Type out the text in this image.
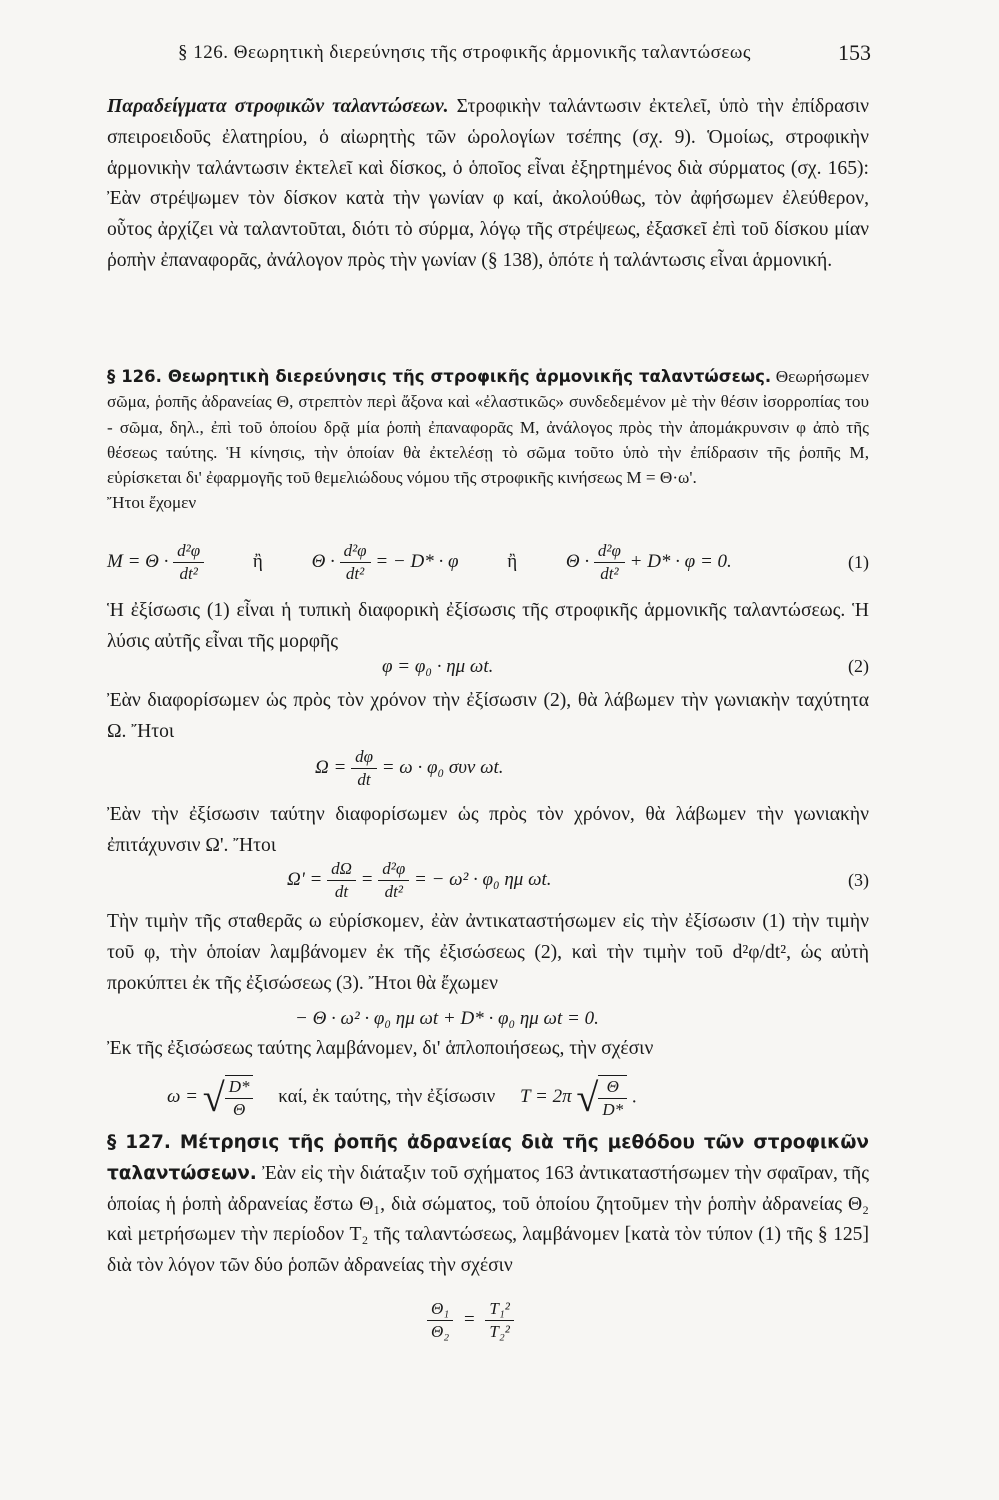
§ 126. Θεωρητικὴ διερεύνησις τῆς στροφικῆς ἁρμονικῆς ταλαντώσεως	153
Παραδείγματα στροφικῶν ταλαντώσεων. Στροφικὴν ταλάντωσιν ἐκτελεῖ, ὑπὸ τὴν ἐπίδρασιν σπειροειδοῦς ἐλατηρίου, ὁ αἰωρητὴς τῶν ὡρολογίων τσέπης (σχ. 9). Ὁμοίως, στροφικὴν ἁρμονικὴν ταλάντωσιν ἐκτελεῖ καὶ δίσκος, ὁ ὁποῖος εἶναι ἐξηρτημένος διὰ σύρματος (σχ. 165): Ἐὰν στρέψωμεν τὸν δίσκον κατὰ τὴν γωνίαν φ καί, ἀκολούθως, τὸν ἀφήσωμεν ἐλεύθερον, οὗτος ἀρχίζει νὰ ταλαντοῦται, διότι τὸ σύρμα, λόγῳ τῆς στρέψεως, ἐξασκεῖ ἐπὶ τοῦ δίσκου μίαν ῥοπὴν ἐπαναφορᾶς, ἀνάλογον πρὸς τὴν γωνίαν (§ 138), ὁπότε ἡ ταλάντωσις εἶναι ἁρμονική.
§ 126. Θεωρητικὴ διερεύνησις τῆς στροφικῆς ἁρμονικῆς ταλαντώσεως. Θεωρήσωμεν σῶμα, ῥοπῆς ἀδρανείας Θ, στρεπτὸν περὶ ἄξονα καὶ «ἐλαστικῶς» συνδεδεμένον μὲ τὴν θέσιν ἰσορροπίας του - σῶμα, δηλ., ἐπὶ τοῦ ὁποίου δρᾷ μία ῥοπὴ ἐπαναφορᾶς M, ἀνάλογος πρὸς τὴν ἀπομάκρυνσιν φ ἀπὸ τῆς θέσεως ταύτης. Ἡ κίνησις, τὴν ὁποίαν θὰ ἐκτελέσῃ τὸ σῶμα τοῦτο ὑπὸ τὴν ἐπίδρασιν τῆς ῥοπῆς M, εὑρίσκεται δι' ἐφαρμογῆς τοῦ θεμελιώδους νόμου τῆς στροφικῆς κινήσεως M = Θ·ω'.
Ἤτοι ἔχομεν
$M = \Theta \cdot \frac{\text{d²φ}}{\text{dt²}}$	ἢ	$\Theta \cdot \frac{\text{d²φ}}{\text{dt²}}$ = − D* · φ	ἢ	$\Theta \cdot \frac{\text{d²φ}}{\text{dt²}} + D* \cdot \varphi = 0$.	(1)
Ἡ ἐξίσωσις (1) εἶναι ἡ τυπικὴ διαφορικὴ ἐξίσωσις τῆς στροφικῆς ἁρμονικῆς ταλαντώσεως. Ἡ λύσις αὐτῆς εἶναι τῆς μορφῆς
φ = φ₀ · ημ ωt.	(2)
Ἐὰν διαφορίσωμεν ὡς πρὸς τὸν χρόνον τὴν ἐξίσωσιν (2), θὰ λάβωμεν τὴν γωνιακὴν ταχύτητα Ω. Ἤτοι
$\Omega = \frac{d\varphi}{dt} = \omega \cdot \varphi_0$ συν ωt.
Ἐὰν τὴν ἐξίσωσιν ταύτην διαφορίσωμεν ὡς πρὸς τὸν χρόνον, θὰ λάβωμεν τὴν γωνιακὴν ἐπιτάχυνσιν Ω'. Ἤτοι
$\Omega' = \frac{d\Omega}{dt} = \frac{\text{d²φ}}{\text{dt²}}$ = − ω² · φ₀ ημ ωt.	(3)
Τὴν τιμὴν τῆς σταθερᾶς ω εὑρίσκομεν, ἐὰν ἀντικαταστήσωμεν εἰς τὴν ἐξίσωσιν (1) τὴν τιμὴν τοῦ φ, τὴν ὁποίαν λαμβάνομεν ἐκ τῆς ἐξισώσεως (2), καὶ τὴν τιμὴν τοῦ d²φ/dt², ὡς αὐτὴ προκύπτει ἐκ τῆς ἐξισώσεως (3). Ἤτοι θὰ ἔχωμεν
− Θ · ω² · φ₀ ημ ωt + D* · φ₀ ημ ωt = 0.
Ἐκ τῆς ἐξισώσεως ταύτης λαμβάνομεν, δι' ἁπλοποιήσεως, τὴν σχέσιν
ω = √ $\frac{D*}{\Theta} \kappa\alpha ί$, ἐκ ταύτης, τὴν ἐξίσωσιν T = 2π √ $\frac{\Theta}{D*}$ .
§ 127. Μέτρησις τῆς ῥοπῆς ἀδρανείας διὰ τῆς μεθόδου τῶν στροφικῶν ταλαντώσεων. Ἐὰν εἰς τὴν διάταξιν τοῦ σχήματος 163 ἀντικαταστήσωμεν τὴν σφαῖραν, τῆς ὁποίας ἡ ῥοπὴ ἀδρανείας ἔστω Θ₁, διὰ σώματος, τοῦ ὁποίου ζητοῦμεν τὴν ῥοπὴν ἀδρανείας Θ₂ καὶ μετρήσωμεν τὴν περίοδον T₂ τῆς ταλαντώσεως, λαμβάνομεν [κατὰ τὸν τύπον (1) τῆς § 125] διὰ τὸν λόγον τῶν δύο ῥοπῶν ἀδρανείας τὴν σχέσιν
$\frac{\text{Θ₁}}{\text{Θ₂}} = \frac{\text{T₁²}}{\text{T₂²}}$
